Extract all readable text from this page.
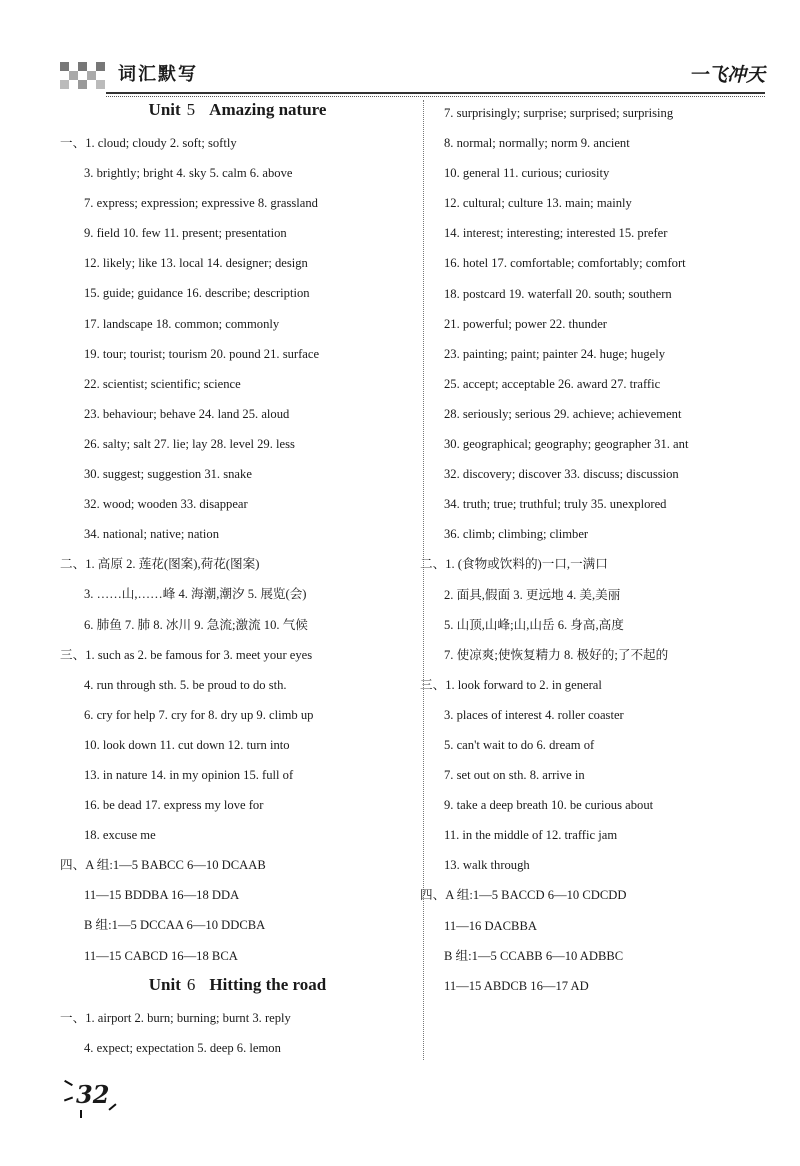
词汇默写	一飞冲天
Unit 5 Amazing nature
一、1. cloud; cloudy 2. soft; softly
3. brightly; bright 4. sky 5. calm 6. above
7. express; expression; expressive 8. grassland
9. field 10. few 11. present; presentation
12. likely; like 13. local 14. designer; design
15. guide; guidance 16. describe; description
17. landscape 18. common; commonly
19. tour; tourist; tourism 20. pound 21. surface
22. scientist; scientific; science
23. behaviour; behave 24. land 25. aloud
26. salty; salt 27. lie; lay 28. level 29. less
30. suggest; suggestion 31. snake
32. wood; wooden 33. disappear
34. national; native; nation
二、1. 高原 2. 莲花(图案),荷花(图案)
3. ……山,……峰 4. 海潮,潮汐 5. 展览(会)
6. 肺鱼 7. 肺 8. 冰川 9. 急流;激流 10. 气候
三、1. such as 2. be famous for 3. meet your eyes
4. run through sth. 5. be proud to do sth.
6. cry for help 7. cry for 8. dry up 9. climb up
10. look down 11. cut down 12. turn into
13. in nature 14. in my opinion 15. full of
16. be dead 17. express my love for
18. excuse me
四、A 组:1—5 BABCC 6—10 DCAAB
11—15 BDDBA 16—18 DDA
B 组:1—5 DCCAA 6—10 DDCBA
11—15 CABCD 16—18 BCA
Unit 6 Hitting the road
一、1. airport 2. burn; burning; burnt 3. reply
4. expect; expectation 5. deep 6. lemon
7. surprisingly; surprise; surprised; surprising
8. normal; normally; norm 9. ancient
10. general 11. curious; curiosity
12. cultural; culture 13. main; mainly
14. interest; interesting; interested 15. prefer
16. hotel 17. comfortable; comfortably; comfort
18. postcard 19. waterfall 20. south; southern
21. powerful; power 22. thunder
23. painting; paint; painter 24. huge; hugely
25. accept; acceptable 26. award 27. traffic
28. seriously; serious 29. achieve; achievement
30. geographical; geography; geographer 31. ant
32. discovery; discover 33. discuss; discussion
34. truth; true; truthful; truly 35. unexplored
36. climb; climbing; climber
二、1. (食物或饮料的)一口,一满口
2. 面具,假面 3. 更远地 4. 美,美丽
5. 山顶,山峰;山,山岳 6. 身高,高度
7. 使凉爽;使恢复精力 8. 极好的;了不起的
三、1. look forward to 2. in general
3. places of interest 4. roller coaster
5. can't wait to do 6. dream of
7. set out on sth. 8. arrive in
9. take a deep breath 10. be curious about
11. in the middle of 12. traffic jam
13. walk through
四、A 组:1—5 BACCD 6—10 CDCDD
11—16 DACBBA
B 组:1—5 CCABB 6—10 ADBBC
11—15 ABDCB 16—17 AD
32
